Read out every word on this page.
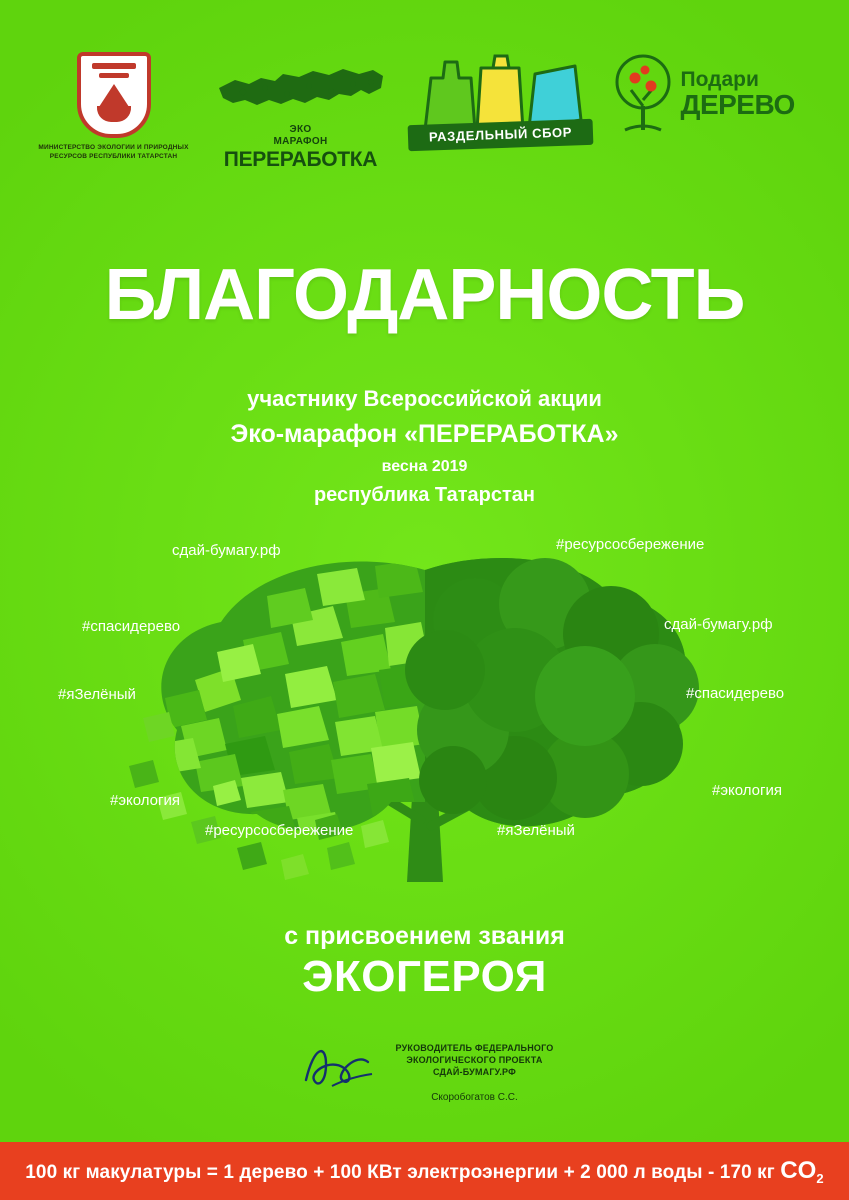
МИНИСТЕРСТВО ЭКОЛОГИИ И ПРИРОДНЫХ РЕСУРСОВ РЕСПУБЛИКИ ТАТАРСТАН
ЭКО
МАРАФОН
ПЕРЕРАБОТКА
РАЗДЕЛЬНЫЙ СБОР
Подари
ДЕРЕВО
БЛАГОДАРНОСТЬ
участнику Всероссийской акции
Эко-марафон «ПЕРЕРАБОТКА»
весна 2019
республика Татарстан
сдай-бумагу.рф	#ресурсосбережение
#спасидерево	сдай-бумагу.рф
#яЗелёный	#спасидерево
#экология
#экология
#ресурсосбережение	#яЗелёный
с присвоением звания
ЭКОГЕРОЯ
РУКОВОДИТЕЛЬ ФЕДЕРАЛЬНОГО
ЭКОЛОГИЧЕСКОГО ПРОЕКТА
СДАЙ-БУМАГУ.РФ
Скоробогатов С.С.
100 кг макулатуры = 1 дерево + 100 КВт электроэнергии + 2 000 л воды - 170 кг $CO_2$
